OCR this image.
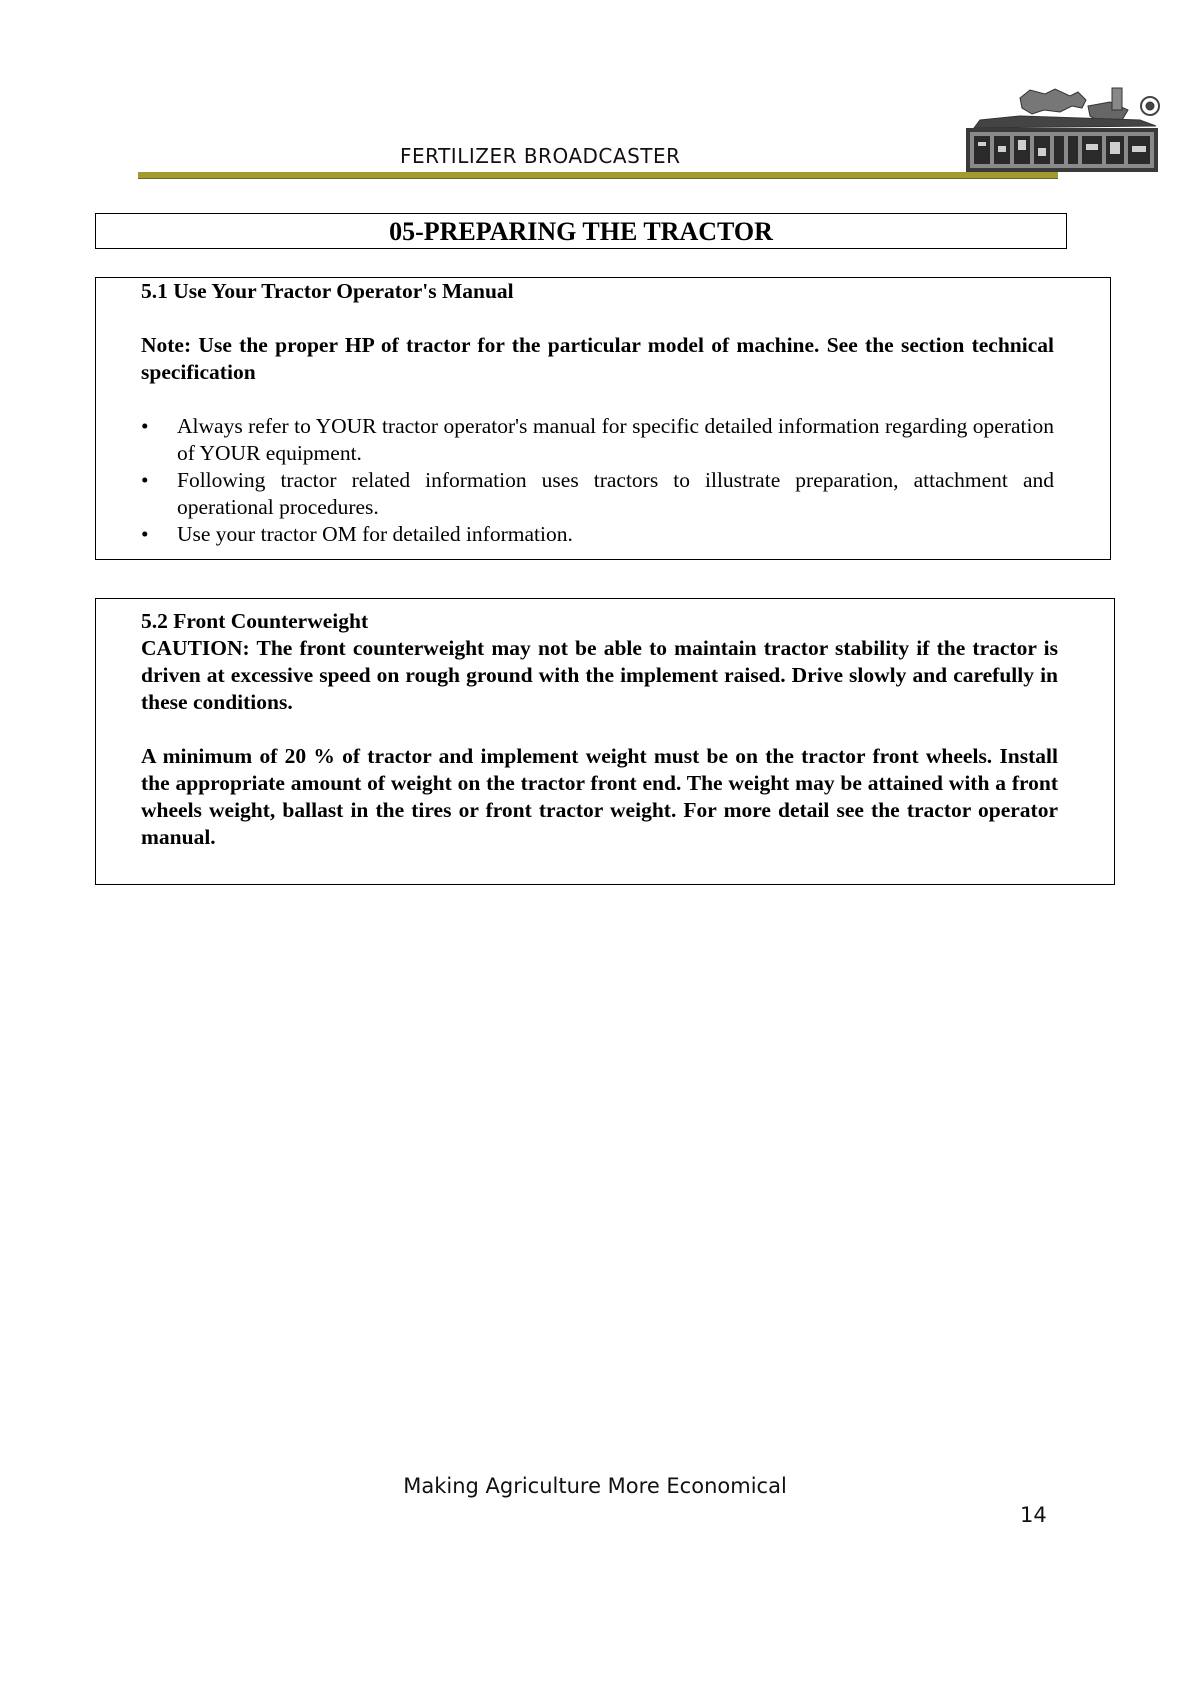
FERTILIZER BROADCASTER
05-PREPARING THE TRACTOR

5.1 Use Your Tractor Operator's Manual

Note: Use the proper HP of tractor for the particular model of machine. See the section technical specification

• Always refer to YOUR tractor operator's manual for specific detailed information regarding operation of YOUR equipment.
• Following tractor related information uses tractors to illustrate preparation, attachment and operational procedures.
• Use your tractor OM for detailed information.

5.2 Front Counterweight

CAUTION: The front counterweight may not be able to maintain tractor stability if the tractor is driven at excessive speed on rough ground with the implement raised. Drive slowly and carefully in these conditions.

A minimum of 20 % of tractor and implement weight must be on the tractor front wheels. Install the appropriate amount of weight on the tractor front end. The weight may be attained with a front wheels weight, ballast in the tires or front tractor weight. For more detail see the tractor operator manual.

Making Agriculture More Economical
14
